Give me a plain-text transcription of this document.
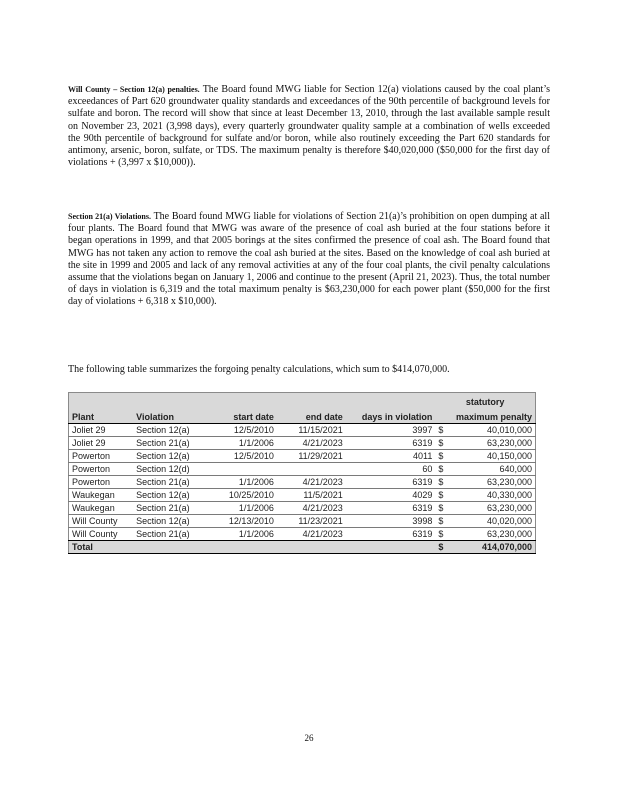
Will County – Section 12(a) penalties. The Board found MWG liable for Section 12(a) violations caused by the coal plant’s exceedances of Part 620 groundwater quality standards and exceedances of the 90th percentile of background levels for sulfate and boron. The record will show that since at least December 13, 2010, through the last available sample result on November 23, 2021 (3,998 days), every quarterly groundwater quality sample at a combination of wells exceeded the 90th percentile of background for sulfate and/or boron, while also routinely exceeding the Part 620 standards for antimony, arsenic, boron, sulfate, or TDS. The maximum penalty is therefore $40,020,000 ($50,000 for the first day of violations + (3,997 x $10,000)).

Section 21(a) Violations. The Board found MWG liable for violations of Section 21(a)’s prohibition on open dumping at all four plants. The Board found that MWG was aware of the presence of coal ash buried at the four stations before it began operations in 1999, and that 2005 borings at the sites confirmed the presence of coal ash. The Board found that MWG has not taken any action to remove the coal ash buried at the sites. Based on the knowledge of coal ash buried at the site in 1999 and 2005 and lack of any removal activities at any of the four coal plants, the civil penalty calculations assume that the violations began on January 1, 2006 and continue to the present (April 21, 2023). Thus, the total number of days in violation is 6,319 and the total maximum penalty is $63,230,000 for each power plant ($50,000 for the first day of violations + 6,318 x $10,000).

The following table summarizes the forgoing penalty calculations, which sum to $414,070,000.

					statutory	
Plant	Violation	start date	end date	days in violation	maximum penalty	
Joliet 29	Section 12(a)	12/5/2010	11/15/2021	3997	$	40,010,000
Joliet 29	Section 21(a)	1/1/2006	4/21/2023	6319	$	63,230,000
Powerton	Section 12(a)	12/5/2010	11/29/2021	4011	$	40,150,000
Powerton	Section 12(d)			60	$	640,000
Powerton	Section 21(a)	1/1/2006	4/21/2023	6319	$	63,230,000
Waukegan	Section 12(a)	10/25/2010	11/5/2021	4029	$	40,330,000
Waukegan	Section 21(a)	1/1/2006	4/21/2023	6319	$	63,230,000
Will County	Section 12(a)	12/13/2010	11/23/2021	3998	$	40,020,000
Will County	Section 21(a)	1/1/2006	4/21/2023	6319	$	63,230,000
Total					$	414,070,000
26
